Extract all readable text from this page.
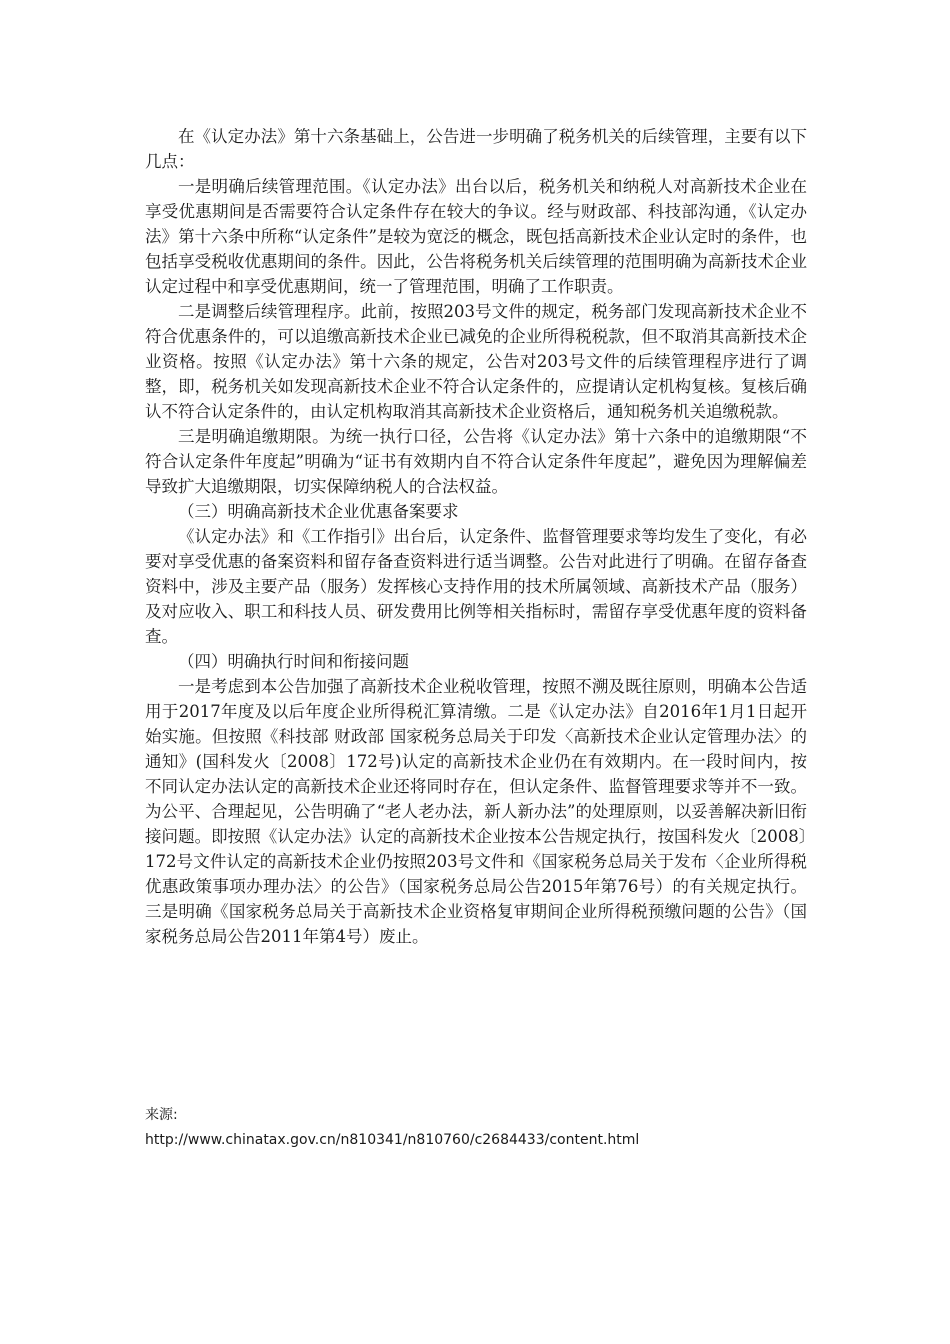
在《认定办法》第十六条基础上，公告进一步明确了税务机关的后续管理，主要有以下几点：

一是明确后续管理范围。《认定办法》出台以后，税务机关和纳税人对高新技术企业在享受优惠期间是否需要符合认定条件存在较大的争议。经与财政部、科技部沟通，《认定办法》第十六条中所称“认定条件”是较为宽泛的概念，既包括高新技术企业认定时的条件，也包括享受税收优惠期间的条件。因此，公告将税务机关后续管理的范围明确为高新技术企业认定过程中和享受优惠期间，统一了管理范围，明确了工作职责。

二是调整后续管理程序。此前，按照203号文件的规定，税务部门发现高新技术企业不符合优惠条件的，可以追缴高新技术企业已减免的企业所得税税款，但不取消其高新技术企业资格。按照《认定办法》第十六条的规定，公告对203号文件的后续管理程序进行了调整，即，税务机关如发现高新技术企业不符合认定条件的，应提请认定机构复核。复核后确认不符合认定条件的，由认定机构取消其高新技术企业资格后，通知税务机关追缴税款。

三是明确追缴期限。为统一执行口径，公告将《认定办法》第十六条中的追缴期限“不符合认定条件年度起”明确为“证书有效期内自不符合认定条件年度起”，避免因为理解偏差导致扩大追缴期限，切实保障纳税人的合法权益。

（三）明确高新技术企业优惠备案要求

《认定办法》和《工作指引》出台后，认定条件、监督管理要求等均发生了变化，有必要对享受优惠的备案资料和留存备查资料进行适当调整。公告对此进行了明确。在留存备查资料中，涉及主要产品（服务）发挥核心支持作用的技术所属领域、高新技术产品（服务）及对应收入、职工和科技人员、研发费用比例等相关指标时，需留存享受优惠年度的资料备查。

（四）明确执行时间和衔接问题

一是考虑到本公告加强了高新技术企业税收管理，按照不溯及既往原则，明确本公告适用于2017年度及以后年度企业所得税汇算清缴。二是《认定办法》自2016年1月1日起开始实施。但按照《科技部 财政部 国家税务总局关于印发〈高新技术企业认定管理办法〉的通知》(国科发火〔2008〕172号)认定的高新技术企业仍在有效期内。在一段时间内，按不同认定办法认定的高新技术企业还将同时存在，但认定条件、监督管理要求等并不一致。为公平、合理起见，公告明确了“老人老办法，新人新办法”的处理原则，以妥善解决新旧衔接问题。即按照《认定办法》认定的高新技术企业按本公告规定执行，按国科发火〔2008〕172号文件认定的高新技术企业仍按照203号文件和《国家税务总局关于发布〈企业所得税优惠政策事项办理办法〉的公告》（国家税务总局公告2015年第76号）的有关规定执行。三是明确《国家税务总局关于高新技术企业资格复审期间企业所得税预缴问题的公告》（国家税务总局公告2011年第4号）废止。

来源:
http://www.chinatax.gov.cn/n810341/n810760/c2684433/content.html
